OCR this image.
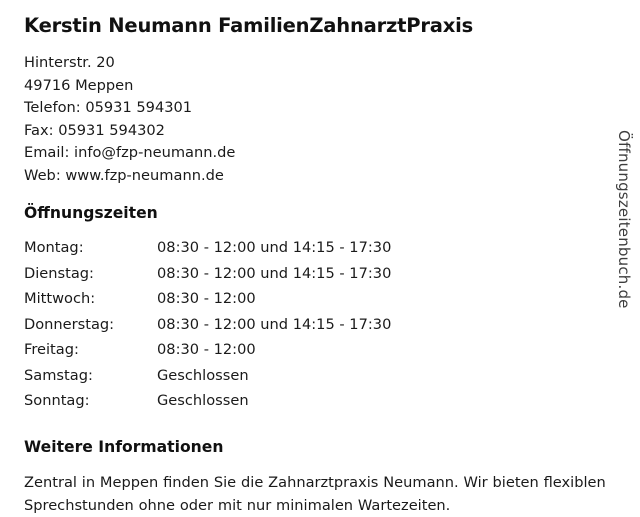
Kerstin Neumann FamilienZahnarztPraxis
Hinterstr. 20
49716 Meppen
Telefon: 05931 594301
Fax: 05931 594302
Email: info@fzp-neumann.de
Web: www.fzp-neumann.de
Öffnungszeiten
Montag:	08:30 - 12:00 und 14:15 - 17:30
Dienstag:	08:30 - 12:00 und 14:15 - 17:30
Mittwoch:	08:30 - 12:00
Donnerstag:	08:30 - 12:00 und 14:15 - 17:30
Freitag:	08:30 - 12:00
Samstag:	Geschlossen
Sonntag:	Geschlossen
Weitere Informationen
Zentral in Meppen finden Sie die Zahnarztpraxis Neumann. Wir bieten flexiblen Sprechstunden ohne oder mit nur minimalen Wartezeiten.
Öffnungszeitenbuch.de
